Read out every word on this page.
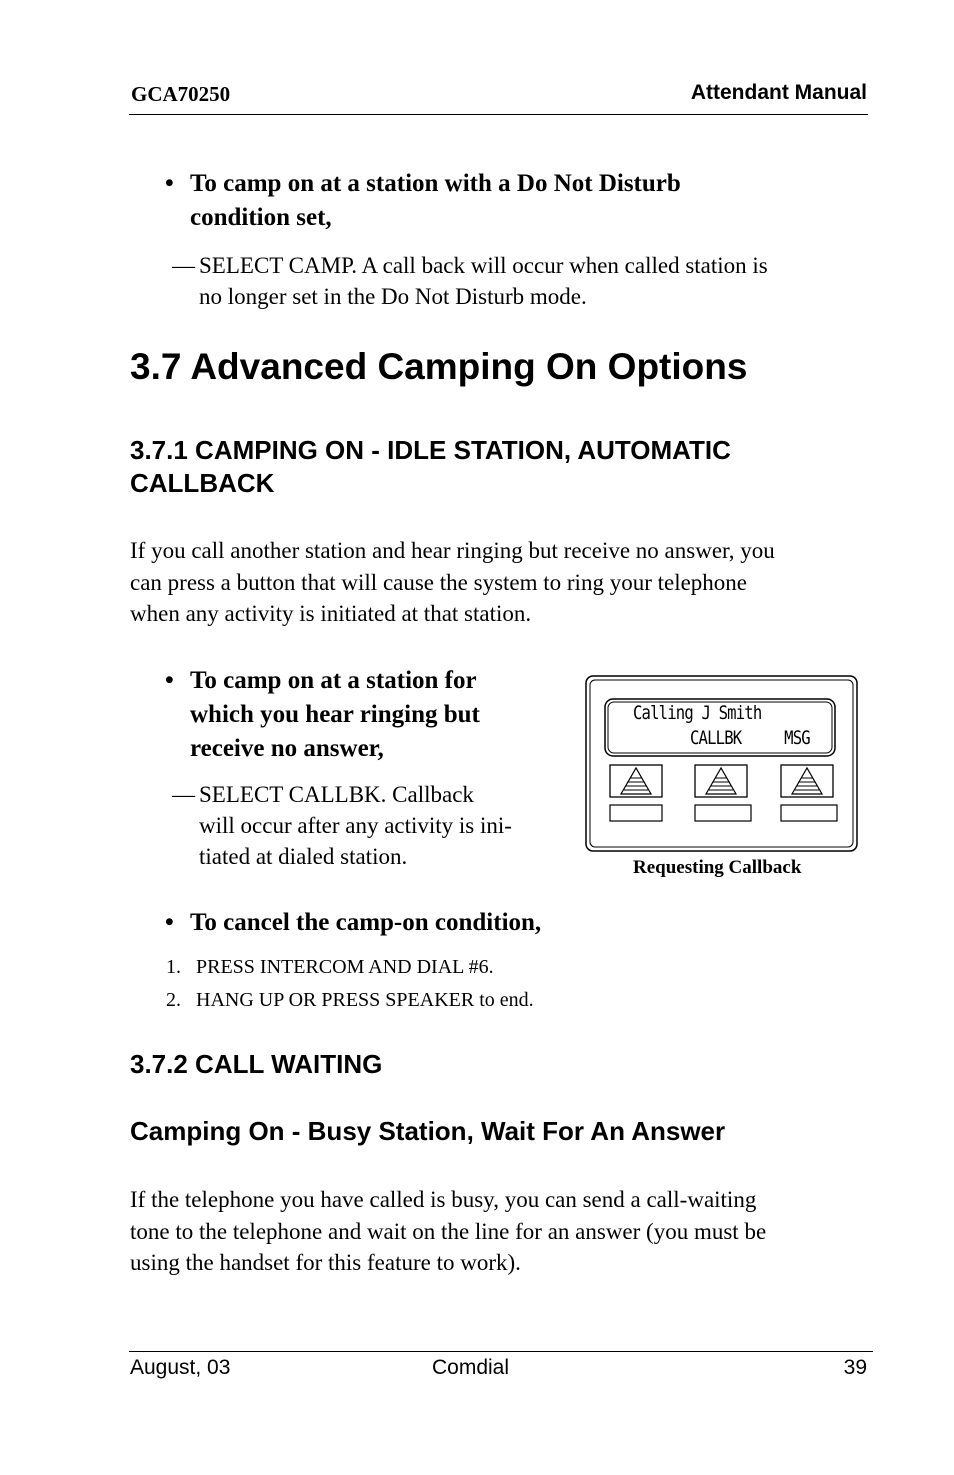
GCA70250	Attendant Manual
• To camp on at a station with a Do Not Disturb
condition set,
— SELECT CAMP. A call back will occur when called station is
no longer set in the Do Not Disturb mode.
3.7 Advanced Camping On Options
3.7.1 CAMPING ON - IDLE STATION, AUTOMATIC
CALLBACK
If you call another station and hear ringing but receive no answer, you
can press a button that will cause the system to ring your telephone
when any activity is initiated at that station.
• To camp on at a station for
which you hear ringing but
receive no answer,
— SELECT CALLBK. Callback
will occur after any activity is ini-
tiated at dialed station.
Calling J Smith
CALLBK     MSG
Requesting Callback
• To cancel the camp-on condition,
1. PRESS INTERCOM AND DIAL #6.
2. HANG UP OR PRESS SPEAKER to end.
3.7.2 CALL WAITING
Camping On - Busy Station, Wait For An Answer
If the telephone you have called is busy, you can send a call-waiting
tone to the telephone and wait on the line for an answer (you must be
using the handset for this feature to work).
August, 03	Comdial	39
